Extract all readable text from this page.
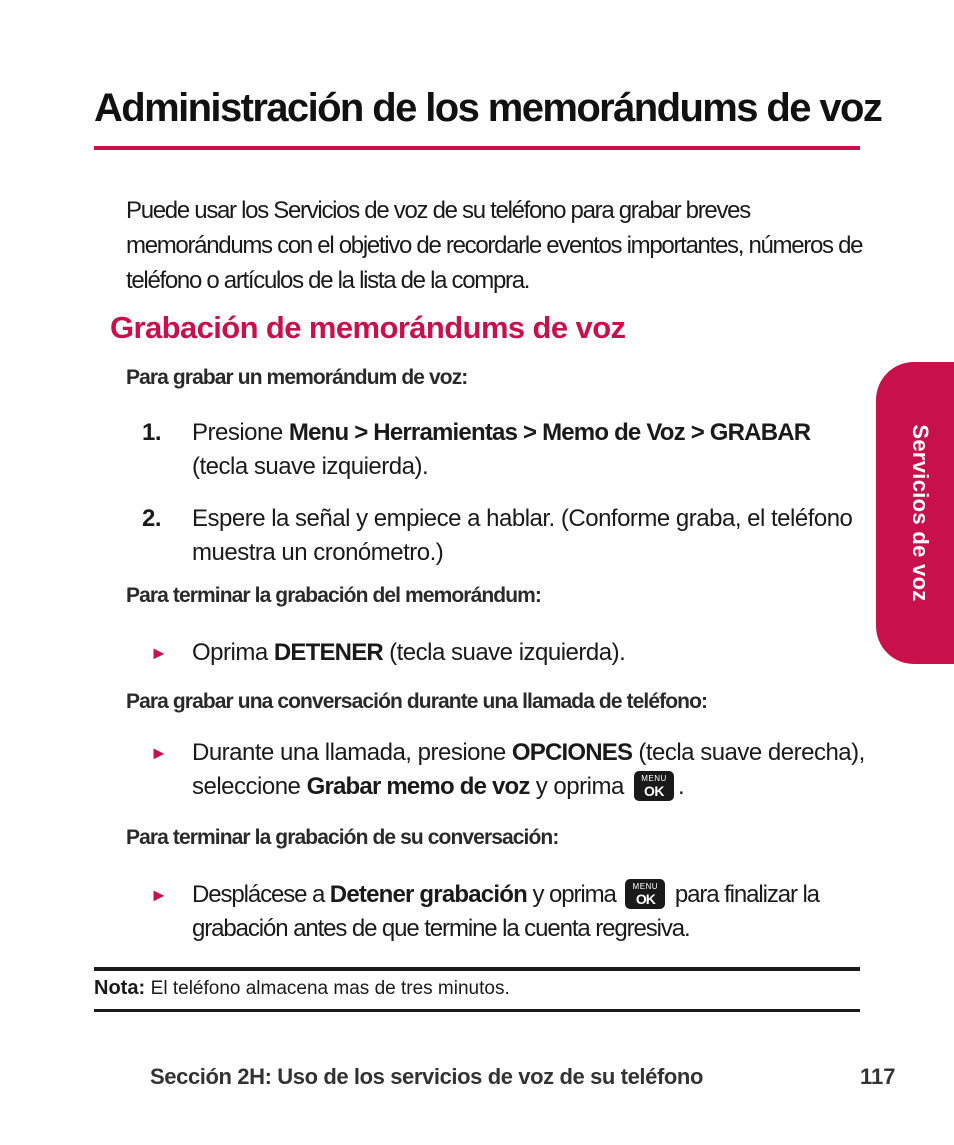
Administración de los memorándums de voz

Puede usar los Servicios de voz de su teléfono para grabar breves memorándums con el objetivo de recordarle eventos importantes, números de teléfono o artículos de la lista de la compra.

Grabación de memorándums de voz
Para grabar un memorándum de voz:
1. Presione Menu > Herramientas > Memo de Voz > GRABAR (tecla suave izquierda).
2. Espere la señal y empiece a hablar. (Conforme graba, el teléfono muestra un cronómetro.)
Para terminar la grabación del memorándum:
► Oprima DETENER (tecla suave izquierda).
Para grabar una conversación durante una llamada de teléfono:
► Durante una llamada, presione OPCIONES (tecla suave derecha), seleccione Grabar memo de voz y oprima	MENU
OK .
Para terminar la grabación de su conversación:
► Desplácese a Detener grabación y oprima	MENU
OK para finalizar la grabación antes de que termine la cuenta regresiva.
Nota: El teléfono almacena mas de tres minutos.
Sección 2H: Uso de los servicios de voz de su teléfono	117
Servicios de voz
